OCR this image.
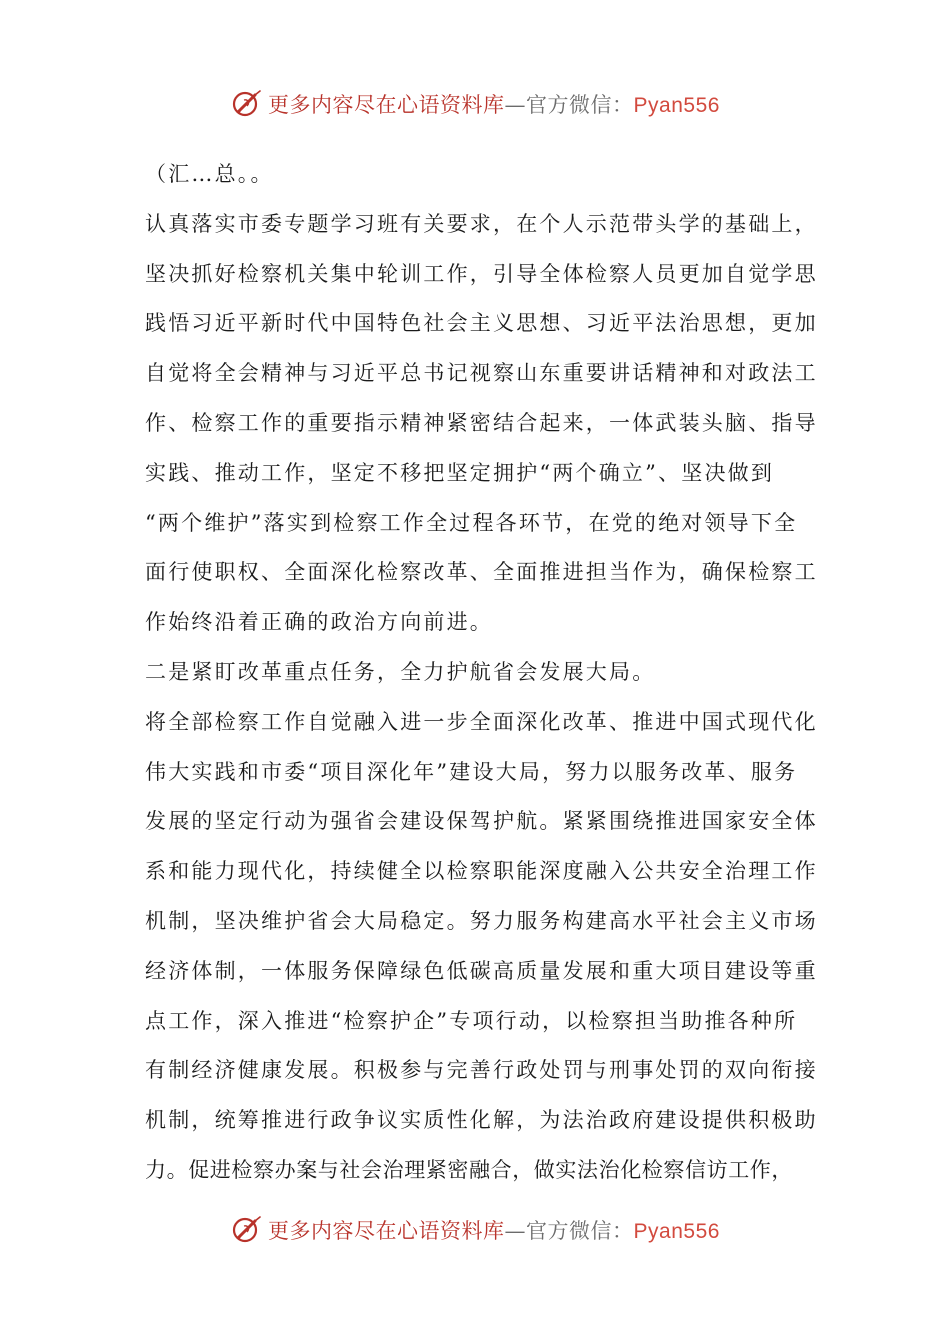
更多内容尽在心语资料库—官方微信：Pyan556
（汇…总。。
认真落实市委专题学习班有关要求，在个人示范带头学的基础上，
坚决抓好检察机关集中轮训工作，引导全体检察人员更加自觉学思
践悟习近平新时代中国特色社会主义思想、习近平法治思想，更加
自觉将全会精神与习近平总书记视察山东重要讲话精神和对政法工
作、检察工作的重要指示精神紧密结合起来，一体武装头脑、指导
实践、推动工作，坚定不移把坚定拥护“两个确立”、坚决做到
“两个维护”落实到检察工作全过程各环节，在党的绝对领导下全
面行使职权、全面深化检察改革、全面推进担当作为，确保检察工
作始终沿着正确的政治方向前进。
二是紧盯改革重点任务，全力护航省会发展大局。
将全部检察工作自觉融入进一步全面深化改革、推进中国式现代化
伟大实践和市委“项目深化年”建设大局，努力以服务改革、服务
发展的坚定行动为强省会建设保驾护航。紧紧围绕推进国家安全体
系和能力现代化，持续健全以检察职能深度融入公共安全治理工作
机制，坚决维护省会大局稳定。努力服务构建高水平社会主义市场
经济体制，一体服务保障绿色低碳高质量发展和重大项目建设等重
点工作，深入推进“检察护企”专项行动，以检察担当助推各种所
有制经济健康发展。积极参与完善行政处罚与刑事处罚的双向衔接
机制，统筹推进行政争议实质性化解，为法治政府建设提供积极助
力。促进检察办案与社会治理紧密融合，做实法治化检察信访工作，
更多内容尽在心语资料库—官方微信：Pyan556
